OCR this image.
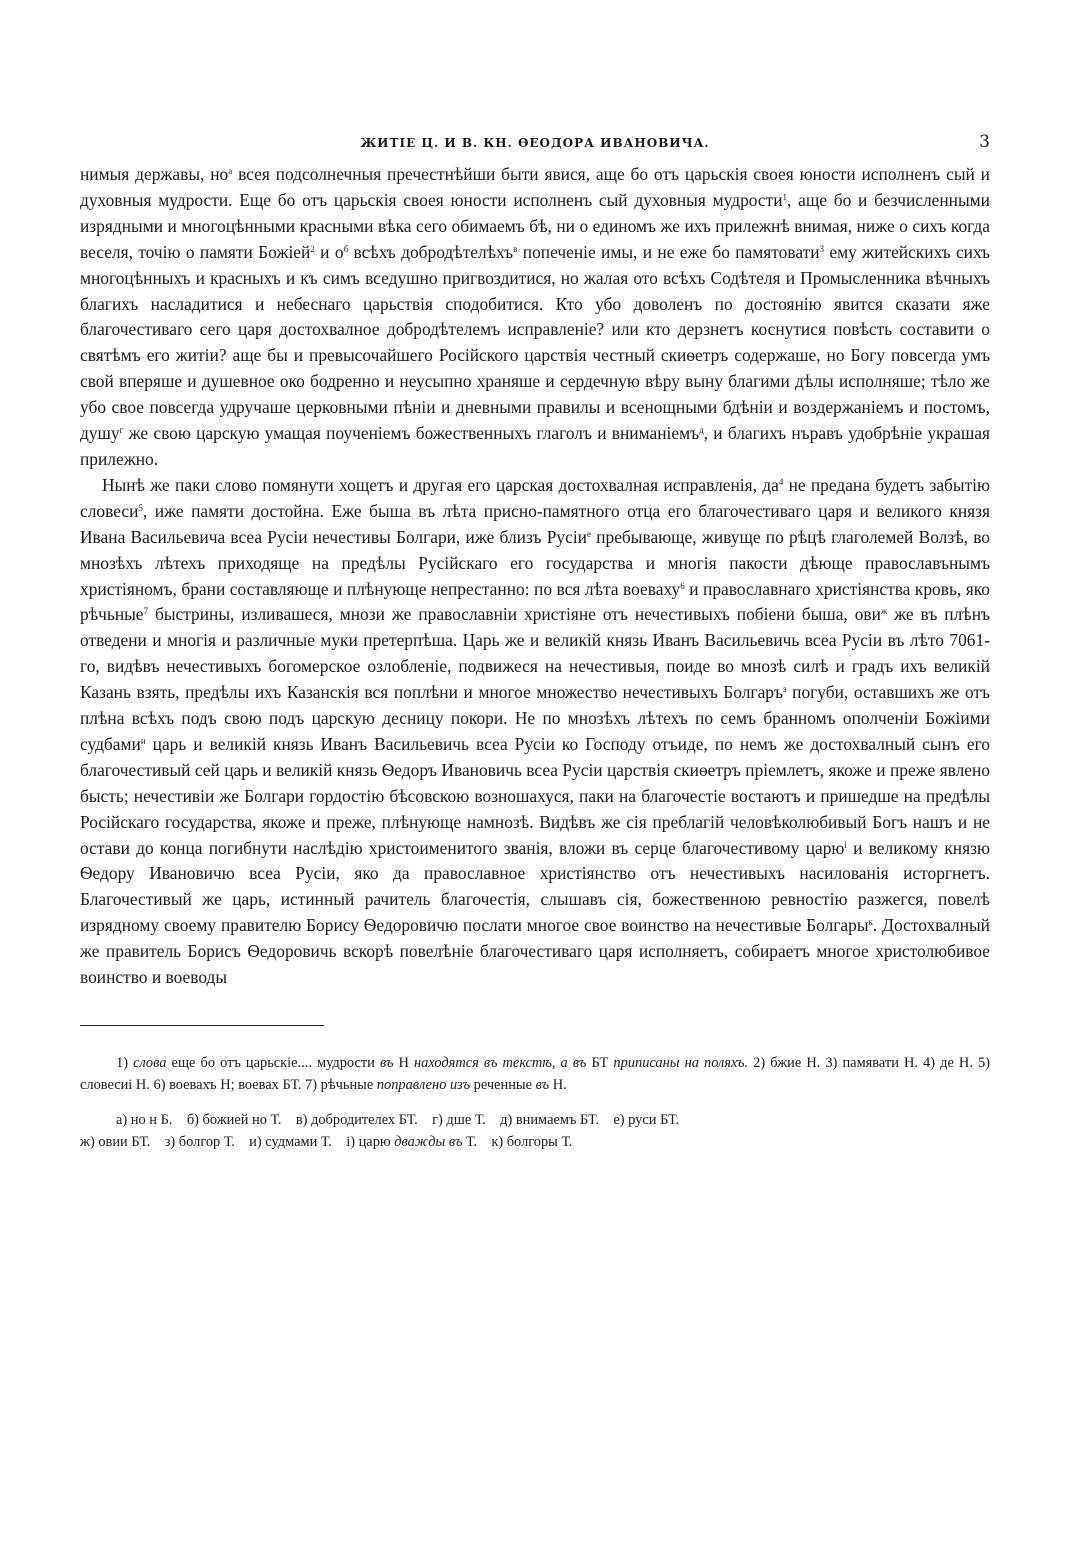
ЖИТІЕ Ц. И В. КН. ѲЕОДОРА ИВАНОВИЧА.	3

нимыя державы, $но^а$ всея подсолнечныя пречестнѣйши быти явися, аще бо отъ царьскія своея юности исполненъ сый и духовныя мудрости. Еще бо отъ царьскія своея юности исполненъ сый духовныя мудрости$^1$, аще бо и безчисленными изрядными и многоцѣнными красными вѣка сего обимаемъ бѣ, ни о единомъ же ихъ прилежнѣ внимая, ниже о сихъ когда веселя, точію о памяти Божіей$^2$ и $о^б$ всѣхъ добродѣтелѣхъ$^в$ попеченіе имы, и не еже бо памятовати$^3$ ему житейскихъ сихъ многоцѣнныхъ и красныхъ и къ симъ вседушно пригвоздитися, но жалая ото всѣхъ Содѣтеля и Промысленника вѣчныхъ благихъ насладитися и небеснаго царьствія сподобитися. Кто убо доволенъ по достоянію явится сказати яже благочестиваго сего царя достохвалное добродѣтелемъ исправленіе? или кто дерзнетъ коснутися повѣсть составити о святѣмъ его житіи? аще бы и превысочайшего Російского царствія честный скиѳетръ содержаше, но Богу повсегда умъ свой вперяше и душевное око бодренно и неусыпно храняше и сердечную вѣру выну благими дѣлы исполняше; тѣло же убо свое повсегда удручаше церковными пѣніи и дневными правилы и всенощными бдѣніи и воздержаніемъ и постомъ, душу$^г$ же свою царскую умащая поученіемъ божественныхъ глаголъ и вниманіемъ$^д$, и благихъ нъравъ удобрѣніе украшая прилежно.

Нынѣ же паки слово помянути хощетъ и другая его царская достохвалная исправленія, $да^4$ не предана будетъ забытію словеси$^5$, иже памяти достойна. Еже быша въ лѣта присно-памятного отца его благочестиваго царя и великого князя Ивана Васильевича всеа Русіи нечестивы Болгари, иже близъ Русіи$^е$ пребывающе, живуще по рѣцѣ глаголемей Волзѣ, во мнозѣхъ лѣтехъ приходяще на предѣлы Русійскаго его государства и многія пакости дѣюще православънымъ христіяномъ, брани составляюще и плѣнующе непрестанно: по вся лѣта воеваху$^6$ и православнаго христіянства кровь, яко рѣчьные$^7$ быстрины, изливашеся, мнози же православніи христіяне отъ нечестивыхъ побіени быша, ови$^ж$ же въ плѣнъ отведени и многія и различные муки претерпѣша. Царь же и великій князь Иванъ Васильевичь всеа Русіи въ лѣто 7061-го, видѣвъ нечестивыхъ богомерское озлобленіе, подвижеся на нечестивыя, поиде во мнозѣ силѣ и градъ ихъ великій Казань взять, предѣлы ихъ Казанскія вся поплѣни и многое множество нечестивыхъ Болгаръ$^з$ погуби, оставшихъ же отъ плѣна всѣхъ подъ свою подъ царскую десницу покори. Не по мнозѣхъ лѣтехъ по семъ бранномъ ополченіи Божіими судбами$^и$ царь и великій князь Иванъ Васильевичь всеа Русіи ко Господу отъиде, по немъ же достохвалный сынъ его благочестивый сей царь и великій князь Ѳедоръ Ивановичь всеа Русіи царствія скиѳетръ пріемлетъ, якоже и преже явлено бысть; нечестивіи же Болгари гордостію бѣсовскою вознoшахуся, паки на благочестіе востаютъ и пришедше на предѣлы Російскаго государства, якоже и преже, плѣнующе намнозѣ. Видѣвъ же сія преблагій человѣколюбивый Богъ нашъ и не остави до конца погибнути наслѣдію христоименитого званія, вложи въ серце благочестивому царю$^і$ и великому князю Ѳедору Ивановичю всеа Русіи, яко да православное христіянство отъ нечестивыхъ насилованія исторгнетъ. Благочестивый же царь, истинный рачитель благочестія, слышавъ сія, божественною ревностію разжегся, повелѣ изрядному своему правителю Борису Ѳедоровичю послати многое свое воинство на нечестивые Болгары$^к$. Достохвалный же правитель Борисъ Ѳедоровичь вскорѣ повелѣніе благочестиваго царя исполняетъ, собираетъ многое христолюбивое воинство и воеводы

1) слова еще бо отъ царьскіе.... мудрости въ Н находятся въ текстѣ, а въ БТ приписаны на поляхъ. 2) бжие Н. 3) памявати Н. 4) де Н. 5) словесиі Н. 6) воевахъ Н; воевах БТ. 7) рѣчьные поправлено изъ реченные въ Н.

а) но н Б.    б) божией но Т.    в) добродителех БТ.    г) дше Т.    д) внимаемъ БТ.    е) руси БТ.

ж) овии БТ.    з) болгор Т.    и) судмами Т.    і) царю дважды въ Т.    к) болгоры Т.
